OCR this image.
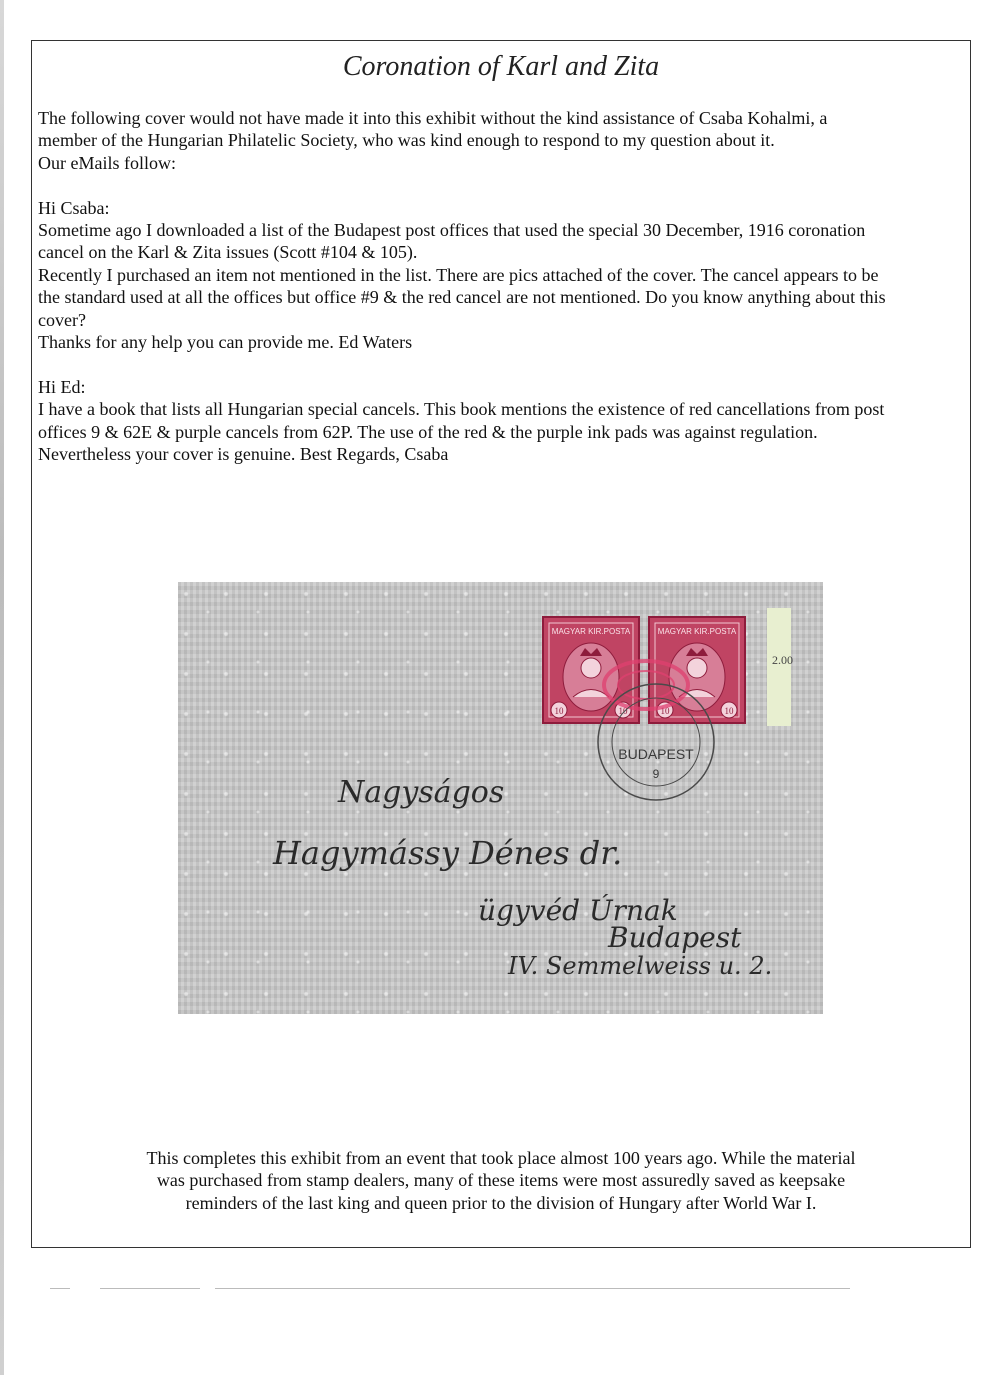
Coronation of Karl and Zita

The following cover would not have made it into this exhibit without the kind assistance of Csaba Kohalmi, a

member of the Hungarian Philatelic Society, who was kind enough to respond to my question about it.

Our eMails follow:

Hi Csaba:

Sometime ago I downloaded a list of the Budapest post offices that used the special 30 December, 1916 coronation

cancel on the Karl & Zita issues (Scott #104 & 105).

Recently I purchased an item not mentioned in the list. There are pics attached of the cover. The cancel appears to be

the standard used at all the offices but office #9 & the red cancel are not mentioned. Do you know anything about this

cover?

Thanks for any help you can provide me. Ed Waters

Hi Ed:

I have a book that lists all Hungarian special cancels. This book mentions the existence of red cancellations from post

offices 9 & 62E & purple cancels from 62P. The use of the red & the purple ink pads was against regulation.

Nevertheless your cover is genuine. Best Regards, Csaba

2.00
MAGYAR KIR.POSTA
10	10
MAGYAR KIR.POSTA
10	10
BUDAPEST
9
Nagyságos
Hagymássy Dénes dr.
ügyvéd Úrnak
Budapest
IV. Semmelweiss u. 2.
This completes this exhibit from an event that took place almost 100 years ago. While the material
was purchased from stamp dealers, many of these items were most assuredly saved as keepsake
reminders of the last king and queen prior to the division of Hungary after World War I.
